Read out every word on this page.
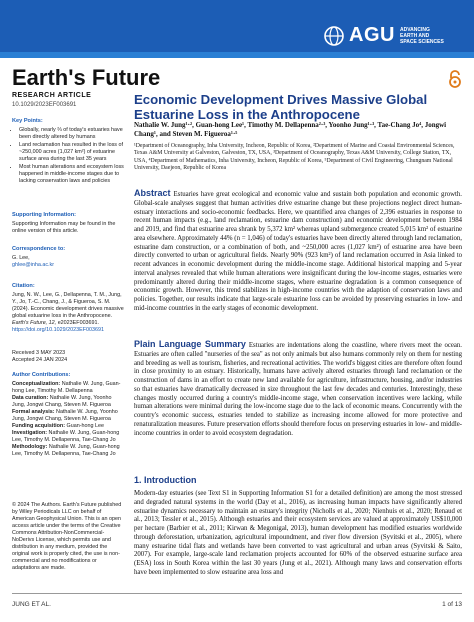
AGU ADVANCING
EARTH AND
SPACE SCIENCES
Earth's Future
RESEARCH ARTICLE
10.1029/2023EF003691
Key Points:
• Globally, nearly ⅔ of today's estuaries have been directly altered by humans
• Land reclamation has resulted in the loss of ~250,000 acres (1,027 km²) of estuarine surface area during the last 35 years
• Most human alterations and ecosystem loss happened in middle-income stages due to lacking conservation laws and policies
Supporting Information:

Supporting Information may be found in the online version of this article.

Correspondence to:

G. Lee,

ghlee@inha.ac.kr

Citation:

Jung, N. W., Lee, G., Dellapenna, T. M., Jung, Y., Jo, T.-C., Chang, J., & Figueroa, S. M. (2024). Economic development drives massive global estuarine loss in the Anthropocene. Earth's Future, 12, e2023EF003691. https://doi.org/10.1029/2023EF003691

Received 3 MAY 2023

Accepted 24 JAN 2024

Author Contributions:

Conceptualization: Nathalie W. Jung, Guan-hong Lee, Timothy M. Dellapenna

Data curation: Nathalie W. Jung, Yoonho Jung, Jongwi Chang, Steven M. Figueroa

Formal analysis: Nathalie W. Jung, Yoonho Jung, Jongwi Chang, Steven M. Figueroa

Funding acquisition: Guan-hong Lee

Investigation: Nathalie W. Jung, Guan-hong Lee, Timothy M. Dellapenna, Tae-Chang Jo

Methodology: Nathalie W. Jung, Guan-hong Lee, Timothy M. Dellapenna, Tae-Chang Jo

© 2024 The Authors. Earth's Future published by Wiley Periodicals LLC on behalf of American Geophysical Union. This is an open access article under the terms of the Creative Commons Attribution-NonCommercial-NoDerivs License, which permits use and distribution in any medium, provided the original work is properly cited, the use is non-commercial and no modifications or adaptations are made.

Economic Development Drives Massive Global Estuarine Loss in the Anthropocene
Nathalie W. Jung¹·², Guan-hong Lee¹, Timothy M. Dellapenna²·³, Yoonho Jung¹·³, Tae-Chang Jo⁴, Jongwi Chang¹, and Steven M. Figueroa¹·⁵
¹Department of Oceanography, Inha University, Incheon, Republic of Korea, ²Department of Marine and Coastal Environmental Sciences, Texas A&M University at Galveston, Galveston, TX, USA, ³Department of Oceanography, Texas A&M University, College Station, TX, USA, ⁴Department of Mathematics, Inha University, Incheon, Republic of Korea, ⁵Department of Civil Engineering, Chungnam National University, Daejeon, Republic of Korea
Abstract Estuaries have great ecological and economic value and sustain both population and economic growth. Global-scale analyses suggest that human activities drive estuarine change but these projections neglect direct human-estuary interactions and socio-economic feedbacks. Here, we quantified area changes of 2,396 estuaries in response to recent human impacts (e.g., land reclamation, estuarine dam construction) and economic development between 1984 and 2019, and find that estuarine area shrank by 5,372 km² whereas upland submergence created 5,015 km² of estuarine area elsewhere. Approximately 44% (n = 1,046) of today's estuaries have been directly altered through land reclamation, estuarine dam construction, or a combination of both, and ~250,000 acres (1,027 km²) of estuarine area have been directly converted to urban or agricultural fields. Nearly 90% (923 km²) of land reclamation occurred in Asia linked to recent advances in economic development during the middle-income stage. Additional historical mapping and 5-year interval analyses revealed that while human alterations were insignificant during the low-income stages, estuaries were predominantly altered during their middle-income stages, where estuarine degradation is a common consequence of economic growth. However, this trend stabilizes in high-income countries with the adaption of conservation laws and policies. Together, our results indicate that large-scale estuarine loss can be avoided by preserving estuaries in low- and mid-income countries in the early stages of economic development.
Plain Language Summary Estuaries are indentations along the coastline, where rivers meet the ocean. Estuaries are often called "nurseries of the sea" as not only animals but also humans commonly rely on them for nesting and breeding as well as tourism, fisheries, and recreational activities. The world's biggest cities are therefore often found in close proximity to an estuary. Historically, humans have actively altered estuaries through land reclamation or the construction of dams in an effort to create new land available for agriculture, infrastructure, housing, and/or industries so that estuaries have dramatically decreased in size throughout the last few decades and centuries. Interestingly, these changes mostly occurred during a country's middle-income stage, when conservation incentives were lacking, while human alterations were minimal during the low-income stage due to the lack of economic means. Concurrently with the country's economic success, estuaries tended to stabilize as increasing income allowed for more protective and renaturalization measures. Future preservation efforts should therefore focus on preserving estuaries in low- and middle-income countries in order to avoid ecosystem degradation.
1. Introduction
Modern-day estuaries (see Text S1 in Supporting Information S1 for a detailed definition) are among the most stressed and degraded natural systems in the world (Day et al., 2016), as increasing human impacts have significantly altered estuarine dynamics necessary to maintain an estuary's integrity (Nicholls et al., 2020; Nienhuis et al., 2020; Renaud et al., 2013; Tessler et al., 2015). Although estuaries and their ecosystem services are valued at approximately US$10,000 per hectare (Barbier et al., 2011; Kirwan & Megonigal, 2013), human development has modified estuaries worldwide through deforestation, urbanization, agricultural impoundment, and river flow diversion (Syvitski et al., 2005), where many estuarine tidal flats and wetlands have been converted to vast agricultural and urban areas (Syvitski & Saito, 2007). For example, large-scale land reclamation projects accounted for 60% of the observed estuarine surface area (ESA) loss in South Korea within the last 30 years (Jung et al., 2021). Although many laws and conservation efforts have been implemented to slow estuarine area loss and
JUNG ET AL.	1 of 13
